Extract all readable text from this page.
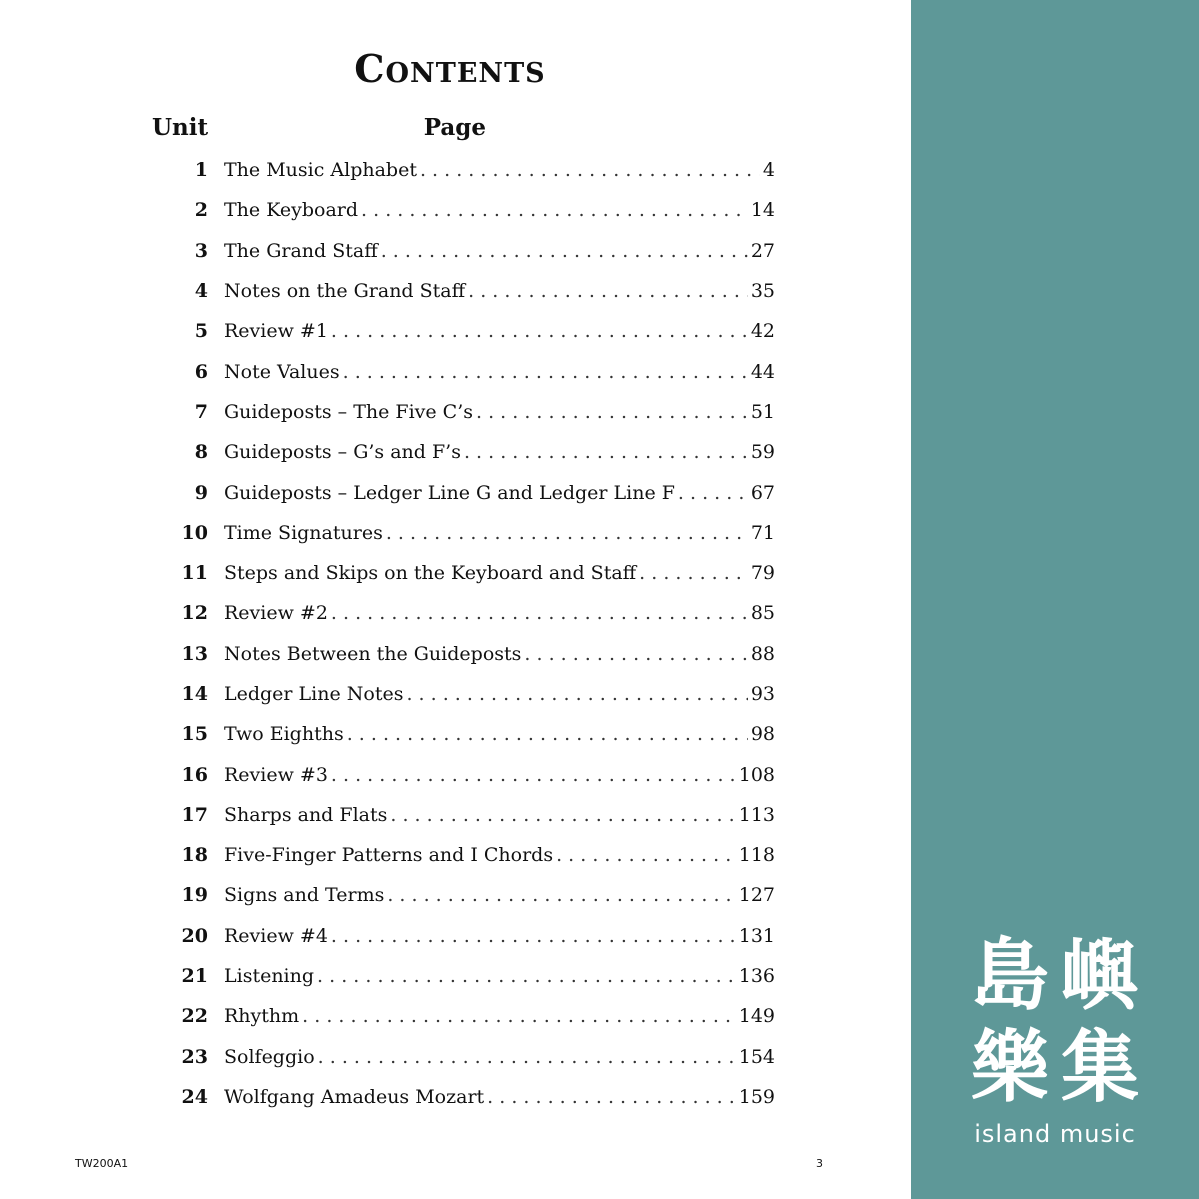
Contents
Unit	Page
1 The Music Alphabet . . .	4
2 The Keyboard . . .	14
3 The Grand Staff . . .	27
4 Notes on the Grand Staff . . .	35
5 Review #1 . . .	42
6 Note Values . . .	44
7 Guideposts – The Five C’s . . .	51
8 Guideposts – G’s and F’s . . .	59
9 Guideposts – Ledger Line G and Ledger Line F . . .	67
10 Time Signatures . . .	71
11 Steps and Skips on the Keyboard and Staff . . .	79
12 Review #2 . . .	85
13 Notes Between the Guideposts . . .	88
14 Ledger Line Notes . . .	93
15 Two Eighths . . .	98
16 Review #3 . . .	108
17 Sharps and Flats . . .	113
18 Five-Finger Patterns and I Chords . . .	118
19 Signs and Terms . . .	127
20 Review #4 . . .	131
21 Listening . . .	136
22 Rhythm . . .	149
23 Solfeggio . . .	154
24 Wolfgang Amadeus Mozart . . .	159
TW200A1	3
島 嶼
樂 集
island music
